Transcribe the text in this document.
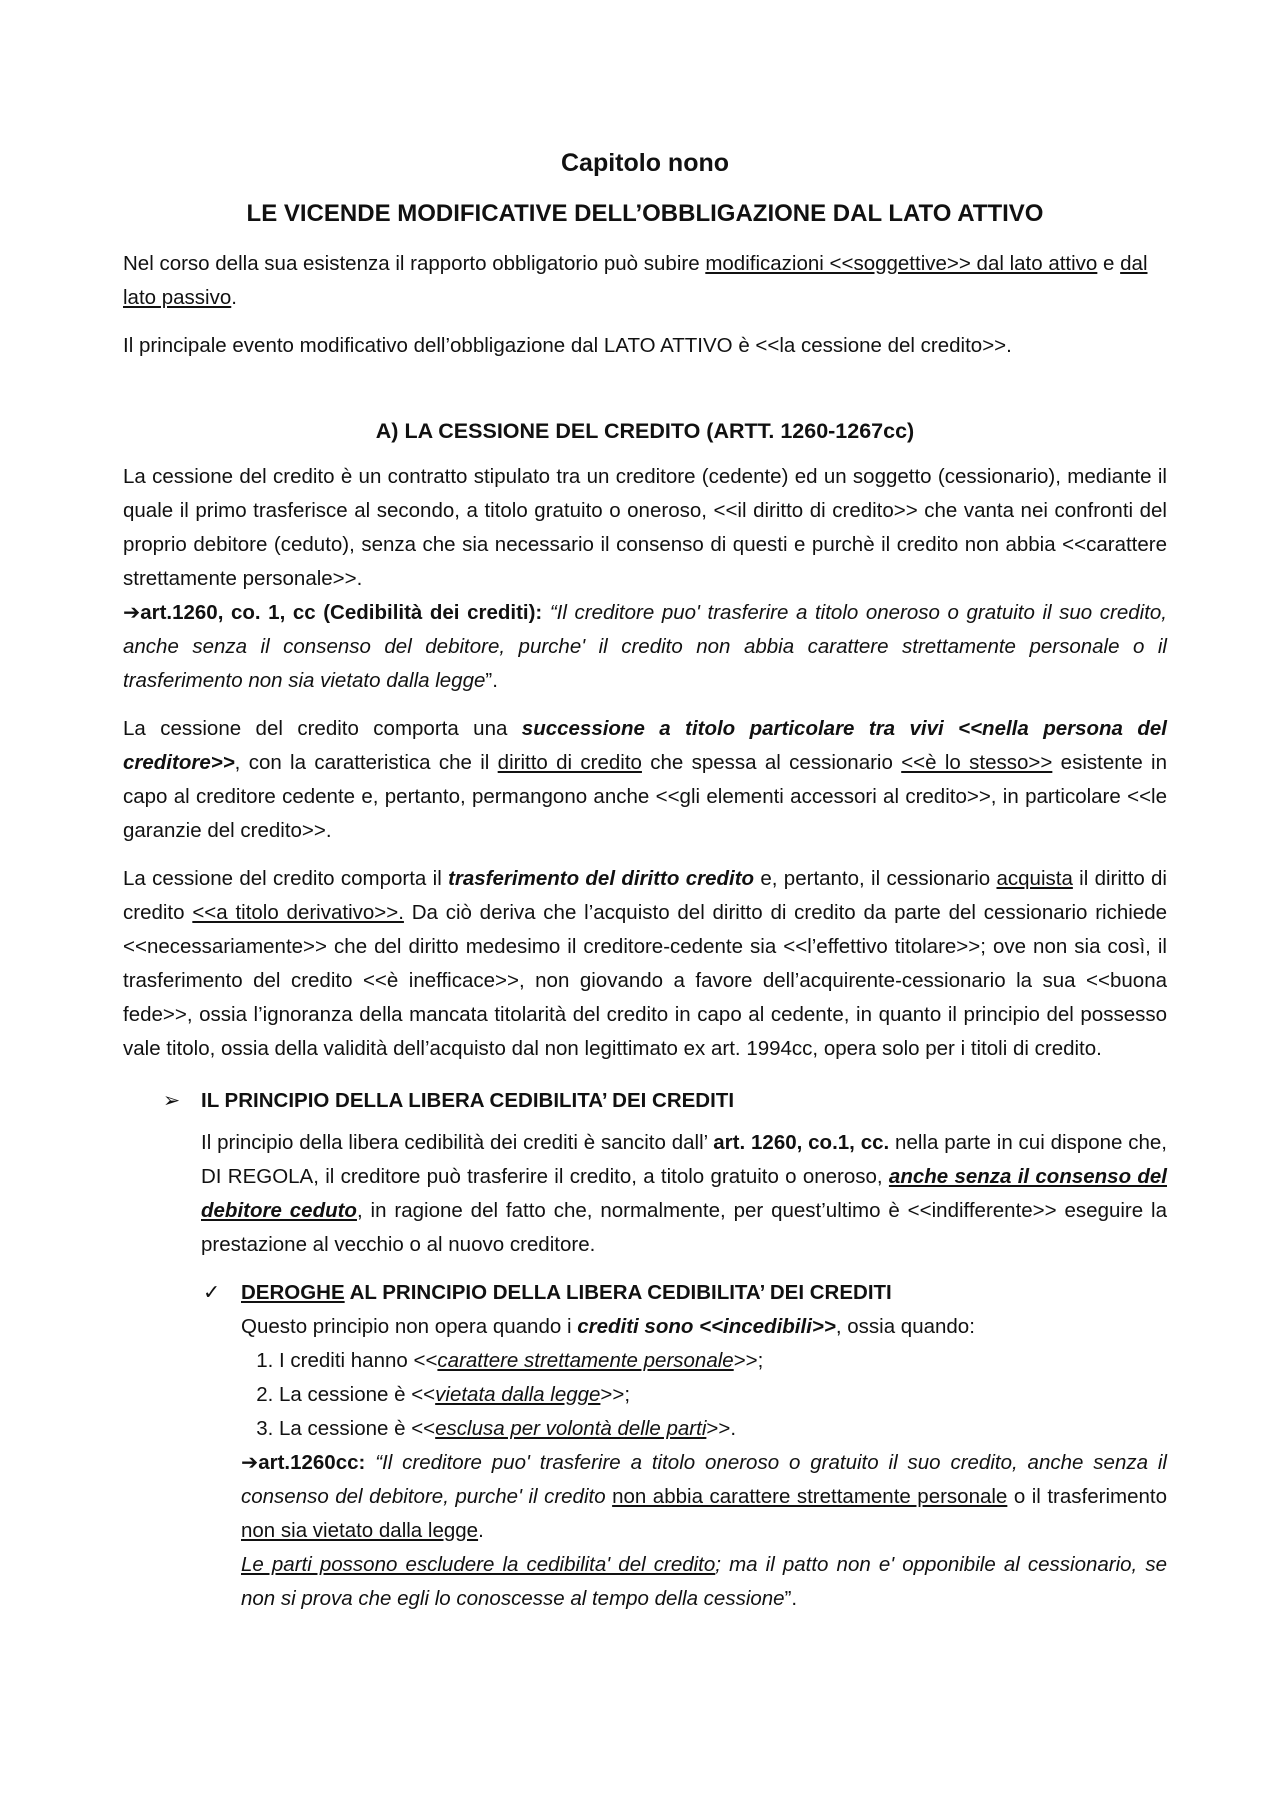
Capitolo nono
LE VICENDE MODIFICATIVE DELL’OBBLIGAZIONE DAL LATO ATTIVO

Nel corso della sua esistenza il rapporto obbligatorio può subire modificazioni <<soggettive>> dal lato attivo e dal lato passivo.

Il principale evento modificativo dell’obbligazione dal LATO ATTIVO è <<la cessione del credito>>.

A) LA CESSIONE DEL CREDITO (ARTT. 1260-1267cc)

La cessione del credito è un contratto stipulato tra un creditore (cedente) ed un soggetto (cessionario), mediante il quale il primo trasferisce al secondo, a titolo gratuito o oneroso, <<il diritto di credito>> che vanta nei confronti del proprio debitore (ceduto), senza che sia necessario il consenso di questi e purchè il credito non abbia <<carattere strettamente personale>>.

➔art.1260, co. 1, cc (Cedibilità dei crediti): “Il creditore puo' trasferire a titolo oneroso o gratuito il suo credito, anche senza il consenso del debitore, purche' il credito non abbia carattere strettamente personale o il trasferimento non sia vietato dalla legge”.

La cessione del credito comporta una successione a titolo particolare tra vivi <<nella persona del creditore>>, con la caratteristica che il diritto di credito che spessa al cessionario <<è lo stesso>> esistente in capo al creditore cedente e, pertanto, permangono anche <<gli elementi accessori al credito>>, in particolare <<le garanzie del credito>>.

La cessione del credito comporta il trasferimento del diritto credito e, pertanto, il cessionario acquista il diritto di credito <<a titolo derivativo>>. Da ciò deriva che l’acquisto del diritto di credito da parte del cessionario richiede <<necessariamente>> che del diritto medesimo il creditore-cedente sia <<l’effettivo titolare>>; ove non sia così, il trasferimento del credito <<è inefficace>>, non giovando a favore dell’acquirente-cessionario la sua <<buona fede>>, ossia l’ignoranza della mancata titolarità del credito in capo al cedente, in quanto il principio del possesso vale titolo, ossia della validità dell’acquisto dal non legittimato ex art. 1994cc, opera solo per i titoli di credito.

➢ IL PRINCIPIO DELLA LIBERA CEDIBILITA’ DEI CREDITI

Il principio della libera cedibilità dei crediti è sancito dall’ art. 1260, co.1, cc. nella parte in cui dispone che, DI REGOLA, il creditore può trasferire il credito, a titolo gratuito o oneroso, anche senza il consenso del debitore ceduto, in ragione del fatto che, normalmente, per quest’ultimo è <<indifferente>> eseguire la prestazione al vecchio o al nuovo creditore.

✓ DEROGHE AL PRINCIPIO DELLA LIBERA CEDIBILITA’ DEI CREDITI
Questo principio non opera quando i crediti sono <<incedibili>>, ossia quando:
1. I crediti hanno <<carattere strettamente personale>>;
2. La cessione è <<vietata dalla legge>>;
3. La cessione è <<esclusa per volontà delle parti>>.

➔art.1260cc: “Il creditore puo' trasferire a titolo oneroso o gratuito il suo credito, anche senza il consenso del debitore, purche' il credito non abbia carattere strettamente personale o il trasferimento non sia vietato dalla legge.
Le parti possono escludere la cedibilita' del credito; ma il patto non e' opponibile al cessionario, se non si prova che egli lo conoscesse al tempo della cessione”.
